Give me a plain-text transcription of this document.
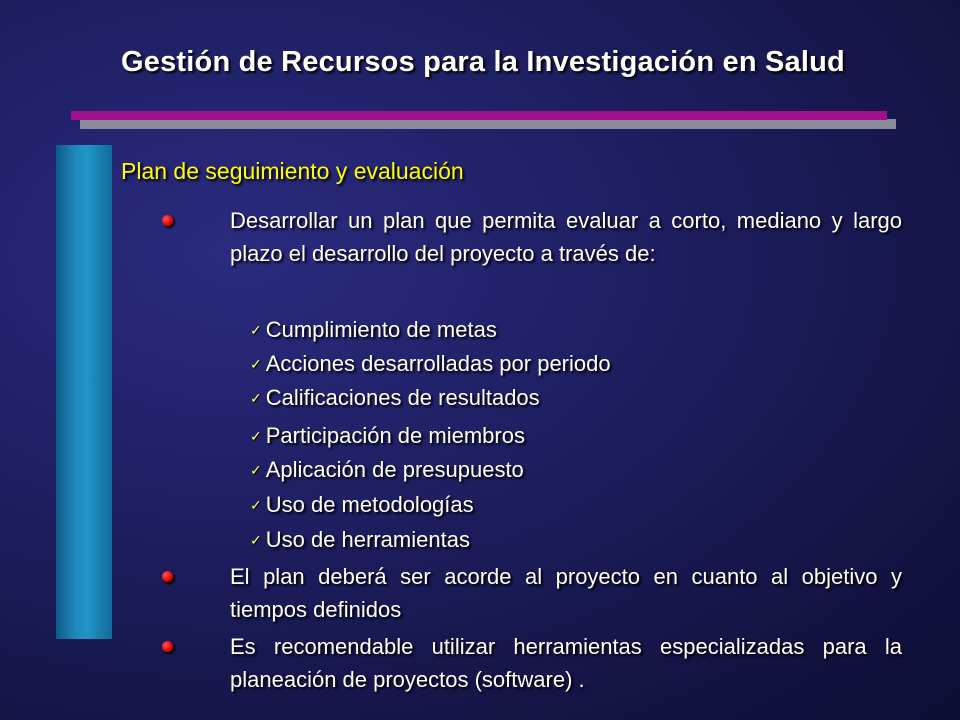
Gestión de Recursos para la Investigación en Salud
Plan de seguimiento y evaluación
Desarrollar un plan que permita evaluar a corto, mediano y largo plazo el desarrollo del proyecto a través de:
✓ Cumplimiento de metas
✓ Acciones desarrolladas por periodo
✓ Calificaciones de resultados
✓ Participación de miembros
✓ Aplicación de presupuesto
✓ Uso de metodologías
✓ Uso de herramientas
El plan deberá ser acorde al proyecto en cuanto al objetivo y tiempos definidos
Es recomendable utilizar herramientas especializadas para la planeación de proyectos (software) .
